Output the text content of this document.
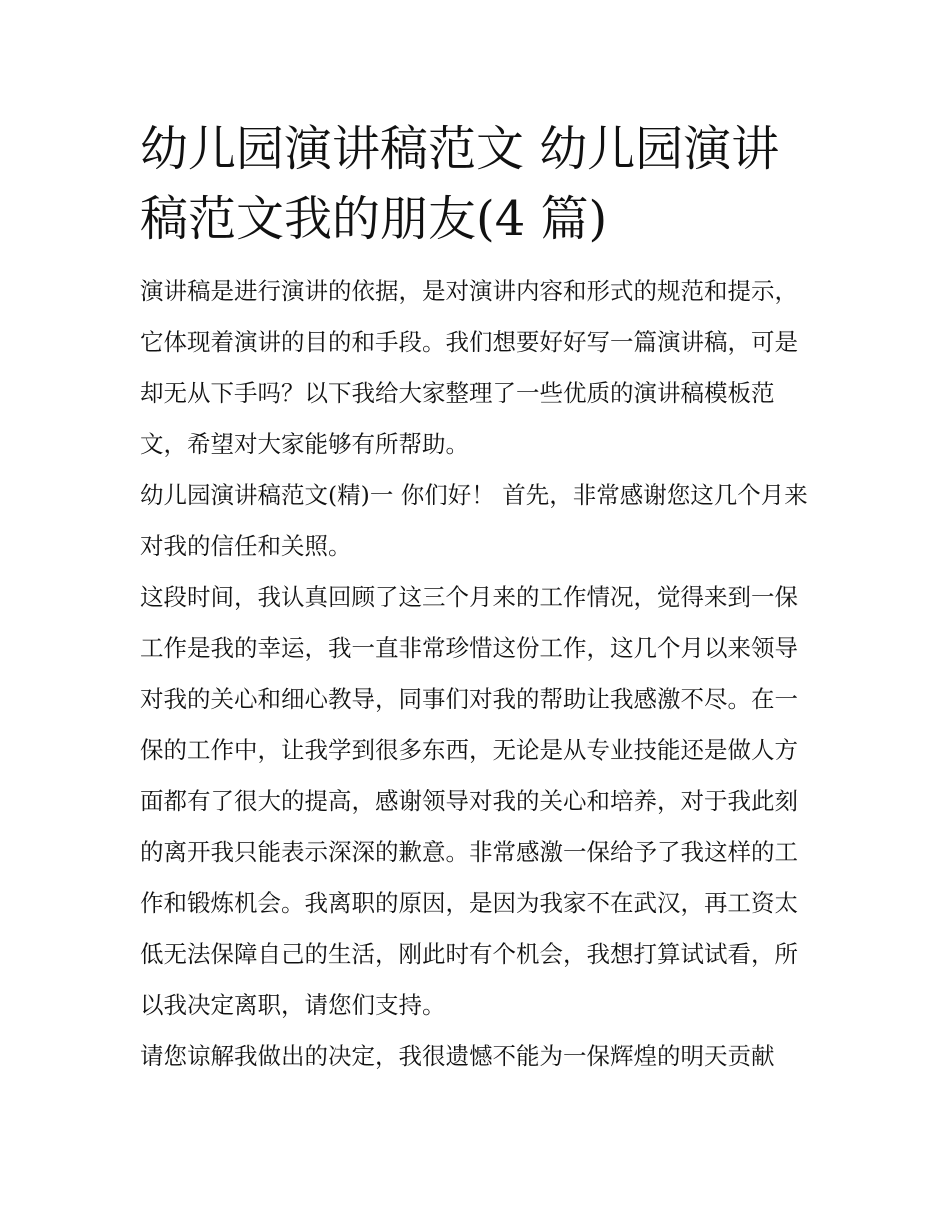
幼儿园演讲稿范文 幼儿园演讲稿范文我的朋友(4 篇)

演讲稿是进行演讲的依据，是对演讲内容和形式的规范和提示，它体现着演讲的目的和手段。我们想要好好写一篇演讲稿，可是却无从下手吗？以下我给大家整理了一些优质的演讲稿模板范文，希望对大家能够有所帮助。

幼儿园演讲稿范文(精)一 你们好！ 首先，非常感谢您这几个月来对我的信任和关照。

这段时间，我认真回顾了这三个月来的工作情况，觉得来到一保工作是我的幸运，我一直非常珍惜这份工作，这几个月以来领导对我的关心和细心教导，同事们对我的帮助让我感激不尽。在一保的工作中，让我学到很多东西，无论是从专业技能还是做人方面都有了很大的提高，感谢领导对我的关心和培养，对于我此刻的离开我只能表示深深的歉意。非常感激一保给予了我这样的工作和锻炼机会。我离职的原因，是因为我家不在武汉，再工资太低无法保障自己的生活，刚此时有个机会，我想打算试试看，所以我决定离职，请您们支持。

请您谅解我做出的决定，我很遗憾不能为一保辉煌的明天贡献
